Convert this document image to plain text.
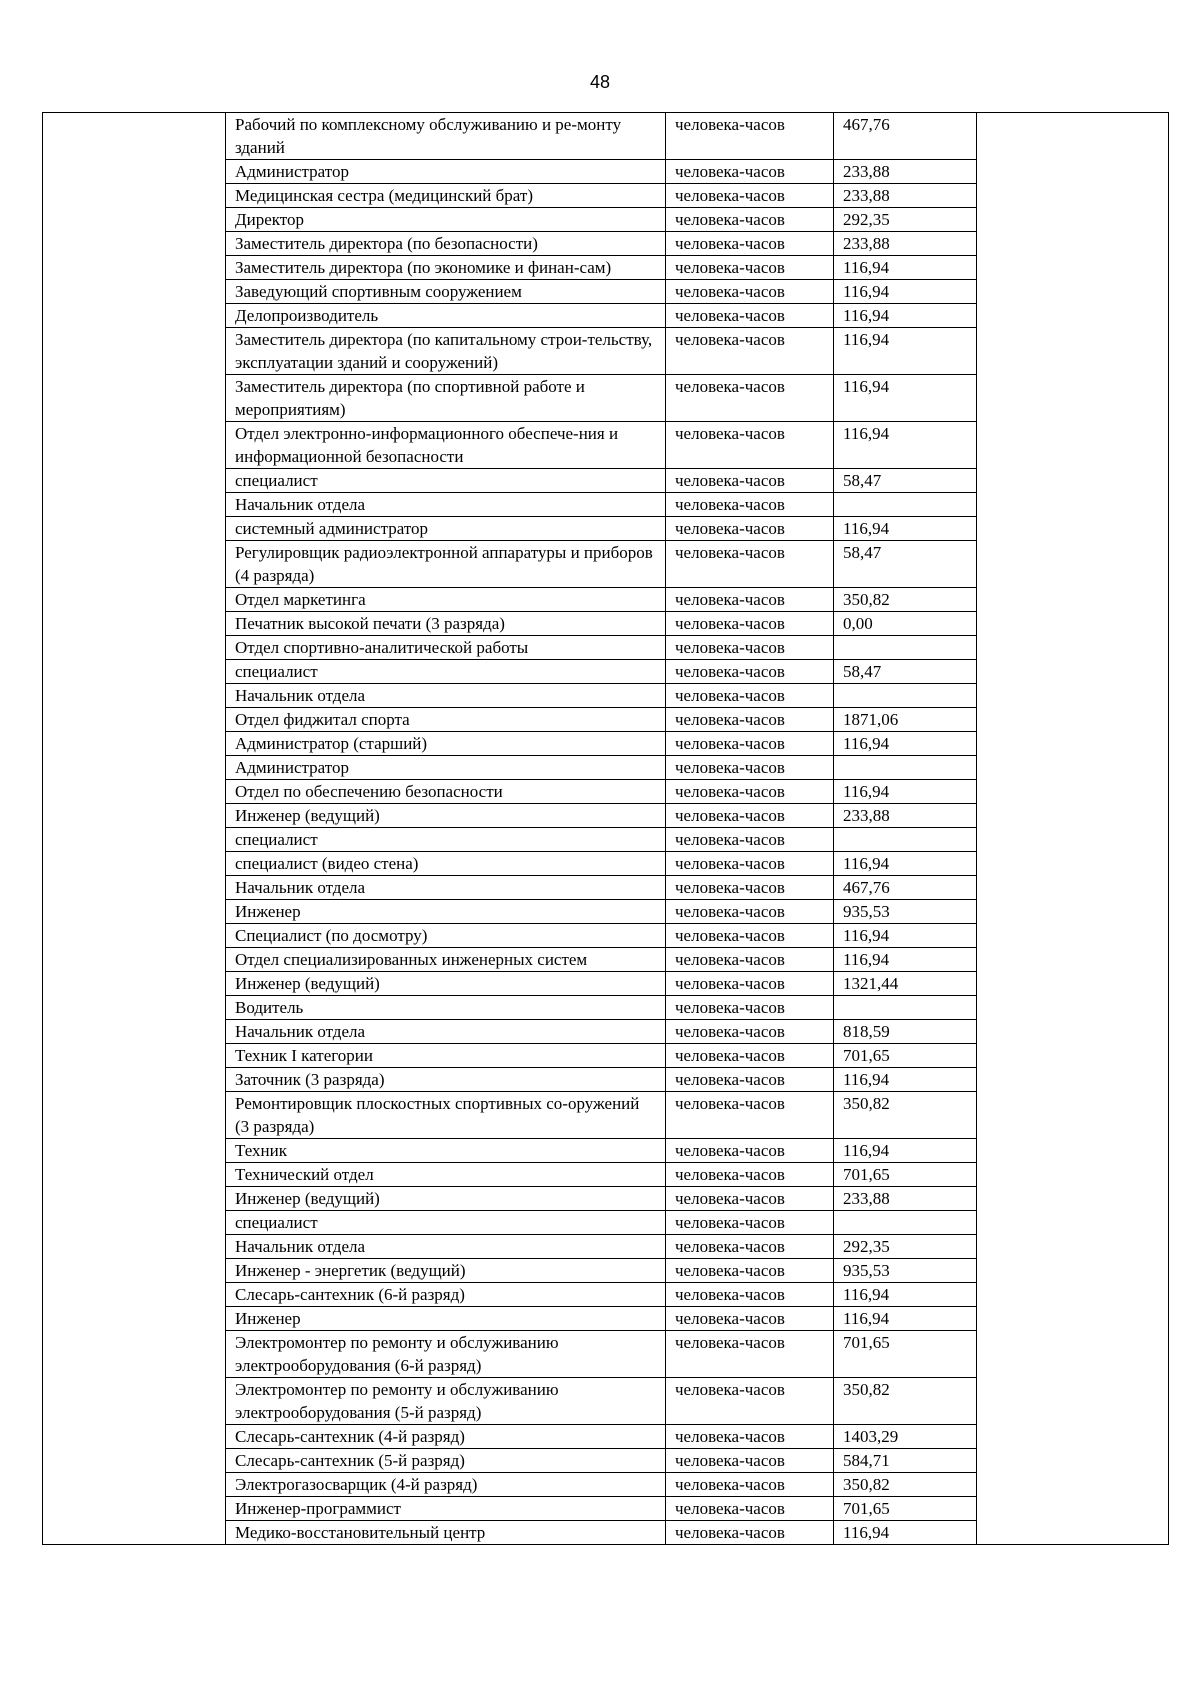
48
	Рабочий по комплексному обслуживанию и ре-монту зданий	человека-часов	467,76	
	Администратор	человека-часов	233,88	
	Медицинская сестра (медицинский брат)	человека-часов	233,88	
	Директор	человека-часов	292,35	
	Заместитель директора (по безопасности)	человека-часов	233,88	
	Заместитель директора (по экономике и финан-сам)	человека-часов	116,94	
	Заведующий спортивным сооружением	человека-часов	116,94	
	Делопроизводитель	человека-часов	116,94	
	Заместитель директора (по капитальному строи-тельству, эксплуатации зданий и сооружений)	человека-часов	116,94	
	Заместитель директора (по спортивной работе и мероприятиям)	человека-часов	116,94	
	Отдел электронно-информационного обеспече-ния и информационной безопасности	человека-часов	116,94	
	специалист	человека-часов	58,47	
	Начальник отдела	человека-часов		
	системный администратор	человека-часов	116,94	
	Регулировщик радиоэлектронной аппаратуры и приборов (4 разряда)	человека-часов	58,47	
	Отдел маркетинга	человека-часов	350,82	
	Печатник высокой печати (3 разряда)	человека-часов	0,00	
	Отдел спортивно-аналитической работы	человека-часов		
	специалист	человека-часов	58,47	
	Начальник отдела	человека-часов		
	Отдел фиджитал спорта	человека-часов	1871,06	
	Администратор (старший)	человека-часов	116,94	
	Администратор	человека-часов		
	Отдел по обеспечению безопасности	человека-часов	116,94	
	Инженер (ведущий)	человека-часов	233,88	
	специалист	человека-часов		
	специалист (видео стена)	человека-часов	116,94	
	Начальник отдела	человека-часов	467,76	
	Инженер	человека-часов	935,53	
	Специалист (по досмотру)	человека-часов	116,94	
	Отдел специализированных инженерных систем	человека-часов	116,94	
	Инженер (ведущий)	человека-часов	1321,44	
	Водитель	человека-часов		
	Начальник отдела	человека-часов	818,59	
	Техник I категории	человека-часов	701,65	
	Заточник (3 разряда)	человека-часов	116,94	
	Ремонтировщик плоскостных спортивных со-оружений (3 разряда)	человека-часов	350,82	
	Техник	человека-часов	116,94	
	Технический отдел	человека-часов	701,65	
	Инженер (ведущий)	человека-часов	233,88	
	специалист	человека-часов		
	Начальник отдела	человека-часов	292,35	
	Инженер - энергетик (ведущий)	человека-часов	935,53	
	Слесарь-сантехник (6-й разряд)	человека-часов	116,94	
	Инженер	человека-часов	116,94	
	Электромонтер по ремонту и обслуживанию электрооборудования (6-й разряд)	человека-часов	701,65	
	Электромонтер по ремонту и обслуживанию электрооборудования (5-й разряд)	человека-часов	350,82	
	Слесарь-сантехник (4-й разряд)	человека-часов	1403,29	
	Слесарь-сантехник (5-й разряд)	человека-часов	584,71	
	Электрогазосварщик (4-й разряд)	человека-часов	350,82	
	Инженер-программист	человека-часов	701,65	
	Медико-восстановительный центр	человека-часов	116,94	
